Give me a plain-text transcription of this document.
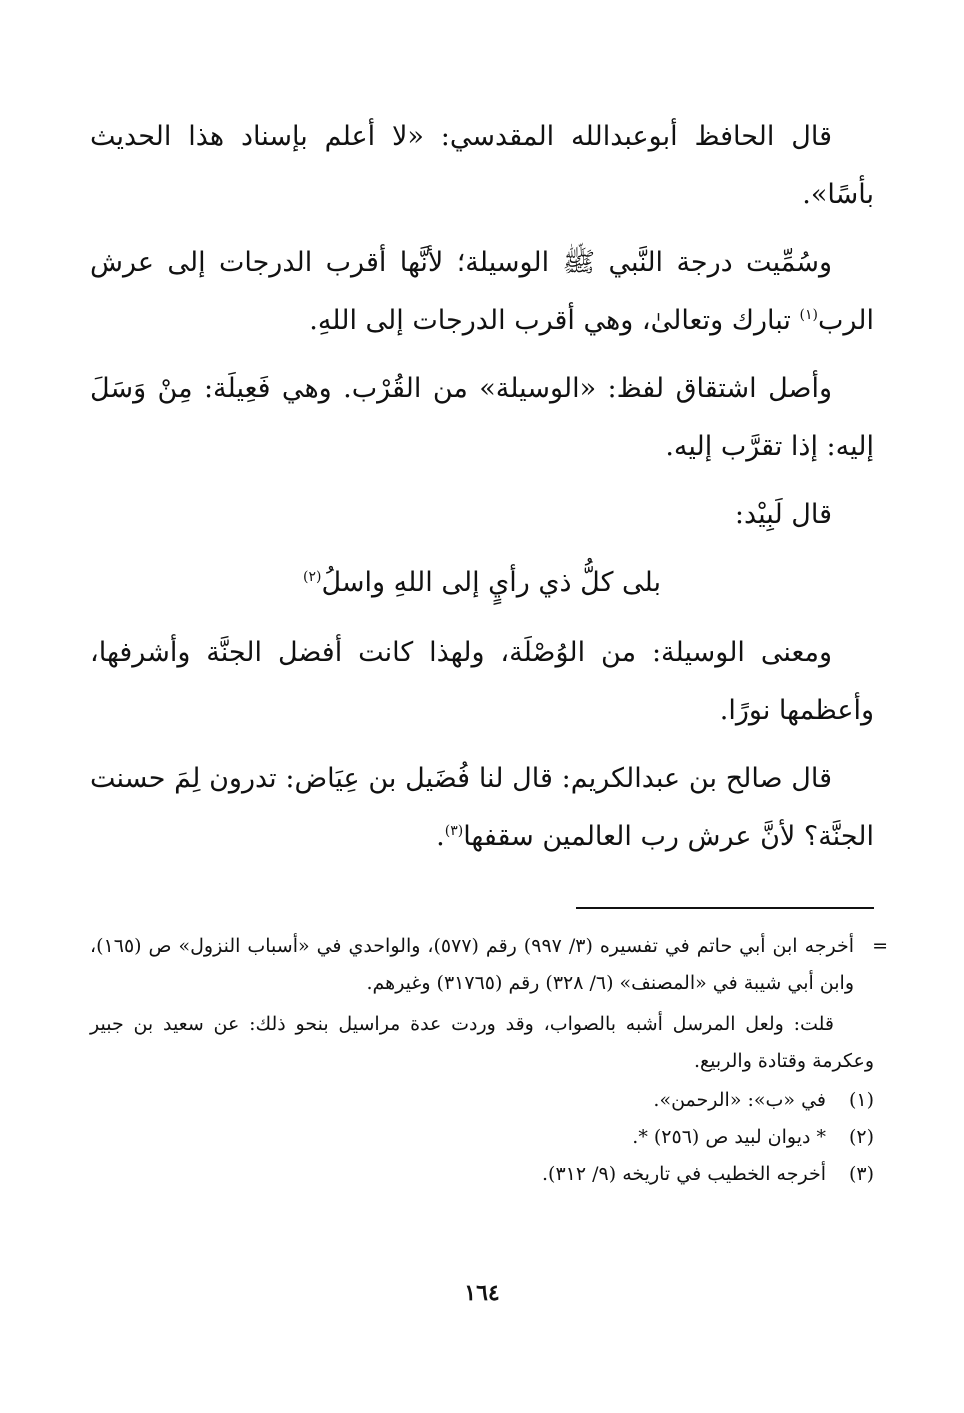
قال الحافظ أبوعبدالله المقدسي: «لا أعلم بإسناد هذا الحديث بأسًا».

وسُمِّيت درجة النَّبي ﷺ الوسيلة؛ لأنَّها أقرب الدرجات إلى عرش الرب$^{(١)}$ تبارك وتعالىٰ، وهي أقرب الدرجات إلى اللهِ.

وأصل اشتقاق لفظ: «الوسيلة» من القُرْب. وهي فَعِيلَة: مِنْ وَسَلَ إليه: إذا تقرَّب إليه.

قال لَبِيْد:

بلى كلُّ ذي رأيٍ إلى اللهِ واسلُ$^{(٢)}$

ومعنى الوسيلة: من الوُصْلَة، ولهذا كانت أفضل الجنَّة وأشرفها، وأعظمها نورًا.

قال صالح بن عبدالكريم: قال لنا فُضَيل بن عِيَاض: تدرون لِمَ حسنت الجنَّة؟ لأنَّ عرش رب العالمين سقفها$^{(٣)}$.

=
أخرجه ابن أبي حاتم في تفسيره (٣/ ٩٩٧) رقم (٥٧٧)، والواحدي في «أسباب النزول» ص (١٦٥)، وابن أبي شيبة في «المصنف» (٦/ ٣٢٨) رقم (٣١٧٦٥) وغيرهم.

قلت: ولعل المرسل أشبه بالصواب، وقد وردت عدة مراسيل بنحو ذلك: عن سعيد بن جبير وعكرمة وقتادة والربيع.

(١)
في «ب»: «الرحمن».
(٢)
* ديوان لبيد ص (٢٥٦) *.
(٣)
أخرجه الخطيب في تاريخه (٩/ ٣١٢).
١٦٤
